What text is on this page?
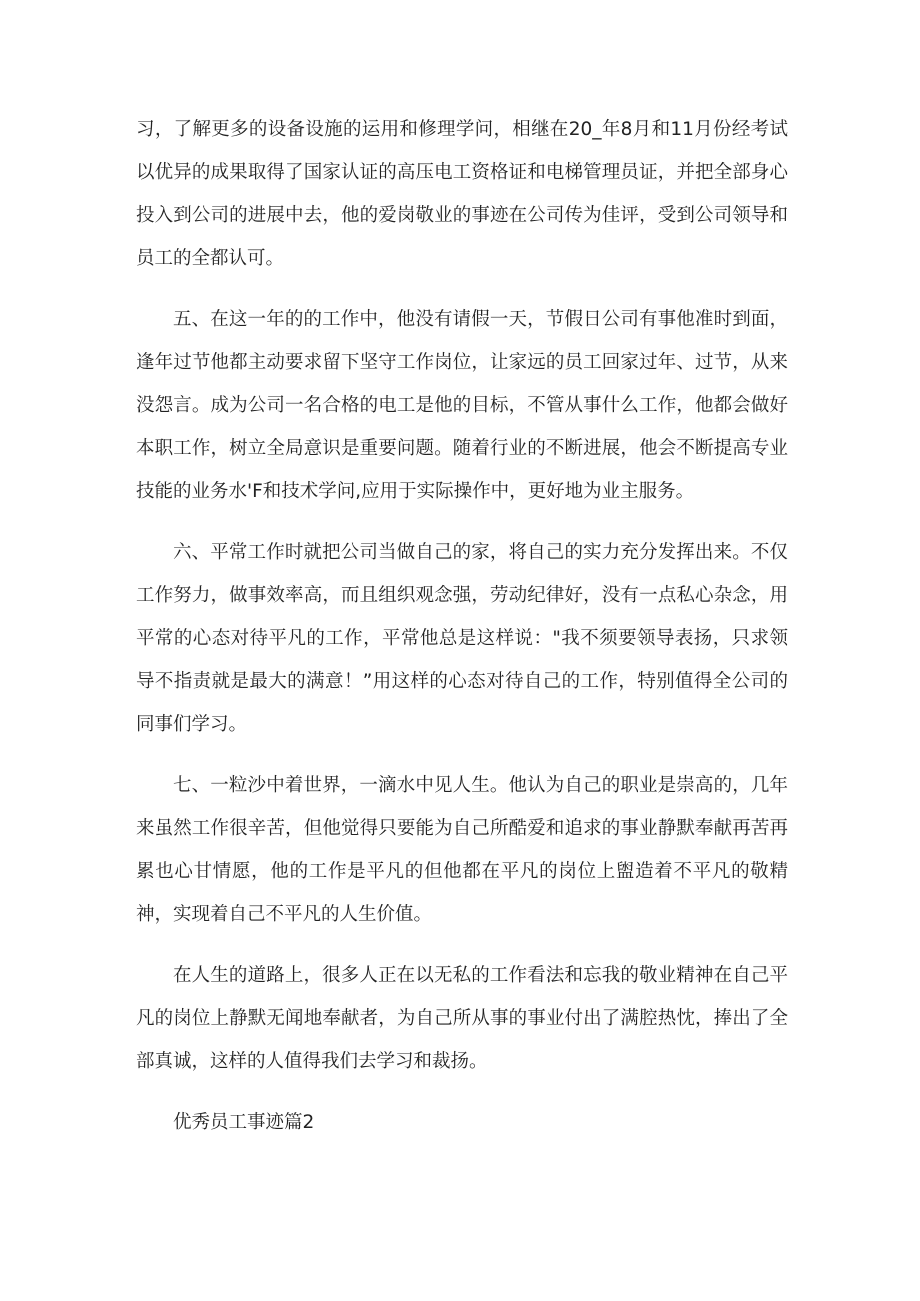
习，了解更多的设备设施的运用和修理学问，相继在20_年8月和11月份经考试以优异的成果取得了国家认证的高压电工资格证和电梯管理员证，并把全部身心投入到公司的进展中去，他的爱岗敬业的事迹在公司传为佳评，受到公司领导和员工的全都认可。

五、在这一年的的工作中，他没有请假一天，节假日公司有事他准时到面，逢年过节他都主动要求留下坚守工作岗位，让家远的员工回家过年、过节，从来没怨言。成为公司一名合格的电工是他的目标，不管从事什么工作，他都会做好本职工作，树立全局意识是重要问题。随着行业的不断进展，他会不断提高专业技能的业务水'F和技术学问,应用于实际操作中，更好地为业主服务。

六、平常工作时就把公司当做自己的家，将自己的实力充分发挥出来。不仅工作努力，做事效率高，而且组织观念强，劳动纪律好，没有一点私心杂念，用平常的心态对待平凡的工作，平常他总是这样说："我不须要领导表扬，只求领导不指责就是最大的满意！”用这样的心态对待自己的工作，特别值得全公司的同事们学习。

七、一粒沙中着世界，一滴水中见人生。他认为自己的职业是崇高的，几年来虽然工作很辛苦，但他觉得只要能为自己所酷爱和追求的事业静默奉献再苦再累也心甘情愿，他的工作是平凡的但他都在平凡的岗位上盥造着不平凡的敬精神，实现着自己不平凡的人生价值。

在人生的道路上，很多人正在以无私的工作看法和忘我的敬业精神在自己平凡的岗位上静默无闻地奉献者，为自己所从事的事业付出了满腔热忱，捧出了全部真诚，这样的人值得我们去学习和裁扬。

优秀员工事迹篇2
